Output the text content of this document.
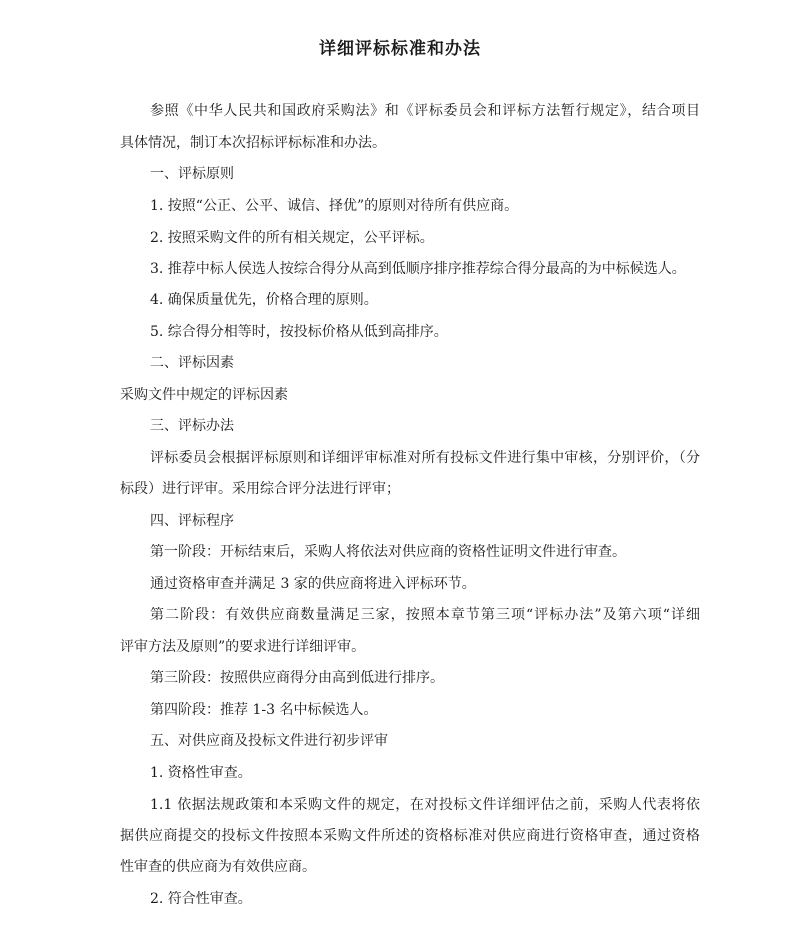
详细评标标准和办法

参照《中华人民共和国政府采购法》和《评标委员会和评标方法暂行规定》，结合项目

具体情况，制订本次招标评标标准和办法。

一、评标原则

1. 按照“公正、公平、诚信、择优”的原则对待所有供应商。

2. 按照采购文件的所有相关规定，公平评标。

3. 推荐中标人侯选人按综合得分从高到低顺序排序推荐综合得分最高的为中标候选人。

4. 确保质量优先，价格合理的原则。

5. 综合得分相等时，按投标价格从低到高排序。

二、评标因素

采购文件中规定的评标因素

三、评标办法

评标委员会根据评标原则和详细评审标准对所有投标文件进行集中审核，分别评价，（分

标段）进行评审。采用综合评分法进行评审；

四、评标程序

第一阶段：开标结束后，采购人将依法对供应商的资格性证明文件进行审查。

通过资格审查并满足 3 家的供应商将进入评标环节。

第二阶段：有效供应商数量满足三家，按照本章节第三项“评标办法”及第六项“详细

评审方法及原则”的要求进行详细评审。

第三阶段：按照供应商得分由高到低进行排序。

第四阶段：推荐 1-3 名中标候选人。

五、对供应商及投标文件进行初步评审

1. 资格性审查。

1.1 依据法规政策和本采购文件的规定，在对投标文件详细评估之前，采购人代表将依

据供应商提交的投标文件按照本采购文件所述的资格标准对供应商进行资格审查，通过资格

性审查的供应商为有效供应商。

2. 符合性审查。
